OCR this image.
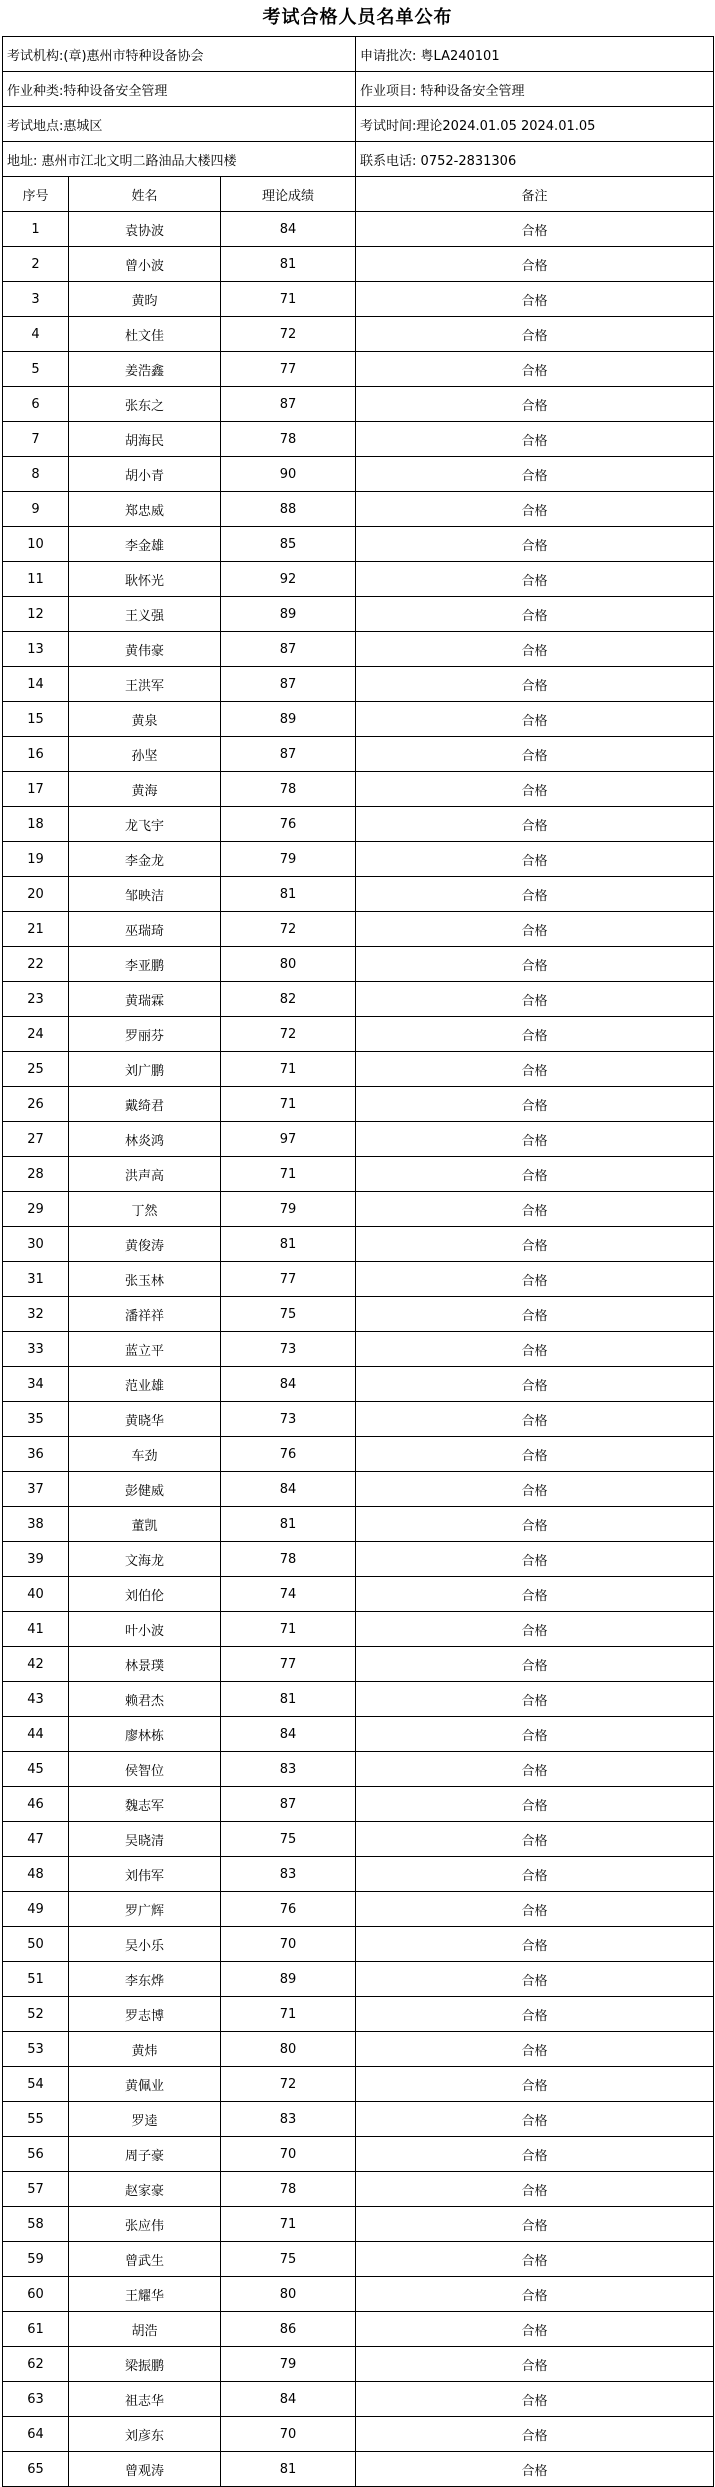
考试合格人员名单公布
考试机构:(章)惠州市特种设备协会			申请批次: 粤LA240101
作业种类:特种设备安全管理			作业项目: 特种设备安全管理
考试地点:惠城区			考试时间:理论2024.01.05 2024.01.05
地址: 惠州市江北文明二路油品大楼四楼			联系电话: 0752-2831306
序号	姓名	理论成绩	备注
1	袁协波	84	合格
2	曾小波	81	合格
3	黄昀	71	合格
4	杜文佳	72	合格
5	姜浩鑫	77	合格
6	张东之	87	合格
7	胡海民	78	合格
8	胡小青	90	合格
9	郑忠威	88	合格
10	李金雄	85	合格
11	耿怀光	92	合格
12	王义强	89	合格
13	黄伟豪	87	合格
14	王洪军	87	合格
15	黄泉	89	合格
16	孙坚	87	合格
17	黄海	78	合格
18	龙飞宇	76	合格
19	李金龙	79	合格
20	邹映洁	81	合格
21	巫瑞琦	72	合格
22	李亚鹏	80	合格
23	黄瑞霖	82	合格
24	罗丽芬	72	合格
25	刘广鹏	71	合格
26	戴绮君	71	合格
27	林炎鸿	97	合格
28	洪声高	71	合格
29	丁然	79	合格
30	黄俊涛	81	合格
31	张玉林	77	合格
32	潘祥祥	75	合格
33	蓝立平	73	合格
34	范业雄	84	合格
35	黄晓华	73	合格
36	车劲	76	合格
37	彭健威	84	合格
38	董凯	81	合格
39	文海龙	78	合格
40	刘伯伦	74	合格
41	叶小波	71	合格
42	林景璞	77	合格
43	赖君杰	81	合格
44	廖林栋	84	合格
45	侯智位	83	合格
46	魏志军	87	合格
47	吴晓清	75	合格
48	刘伟军	83	合格
49	罗广辉	76	合格
50	吴小乐	70	合格
51	李东烨	89	合格
52	罗志博	71	合格
53	黄炜	80	合格
54	黄佩业	72	合格
55	罗逵	83	合格
56	周子豪	70	合格
57	赵家豪	78	合格
58	张应伟	71	合格
59	曾武生	75	合格
60	王耀华	80	合格
61	胡浩	86	合格
62	梁振鹏	79	合格
63	祖志华	84	合格
64	刘彦东	70	合格
65	曾观涛	81	合格
